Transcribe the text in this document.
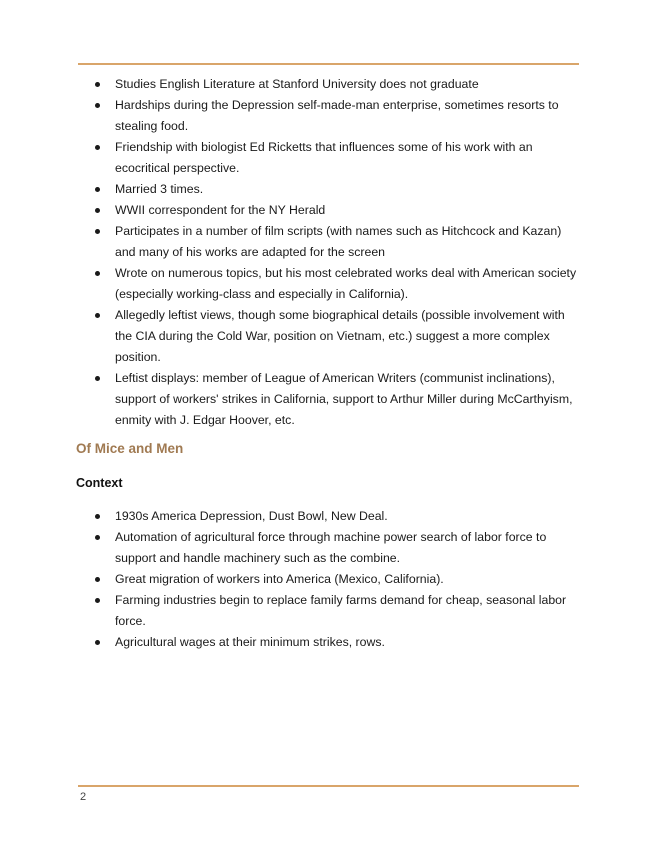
Studies English Literature at Stanford University does not graduate
Hardships during the Depression self-made-man enterprise, sometimes resorts to stealing food.
Friendship with biologist Ed Ricketts that influences some of his work with an ecocritical perspective.
Married 3 times.
WWII correspondent for the NY Herald
Participates in a number of film scripts (with names such as Hitchcock and Kazan) and many of his works are adapted for the screen
Wrote on numerous topics, but his most celebrated works deal with American society (especially working-class and especially in California).
Allegedly leftist views, though some biographical details (possible involvement with the CIA during the Cold War, position on Vietnam, etc.) suggest a more complex position.
Leftist displays: member of League of American Writers (communist inclinations), support of workers' strikes in California, support to Arthur Miller during McCarthyism, enmity with J. Edgar Hoover, etc.
Of Mice and Men
Context
1930s America Depression, Dust Bowl, New Deal.
Automation of agricultural force through machine power search of labor force to support and handle machinery such as the combine.
Great migration of workers into America (Mexico, California).
Farming industries begin to replace family farms demand for cheap, seasonal labor force.
Agricultural wages at their minimum strikes, rows.
2
